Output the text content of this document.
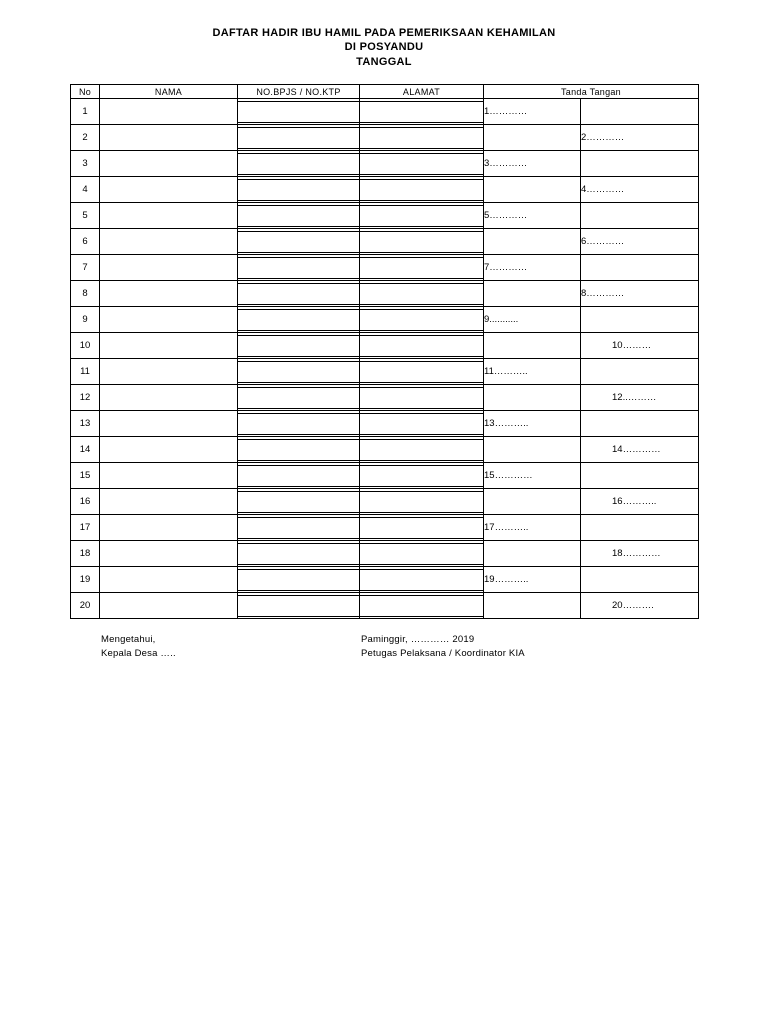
DAFTAR HADIR IBU HAMIL PADA PEMERIKSAAN KEHAMILAN
DI POSYANDU
TANGGAL
No	NAMA	NO.BPJS / NO.KTP	ALAMAT	Tanda Tangan	
1				1…………	
2					2…………
3				3…………	
4					4…………
5				5…………	
6					6…………
7				7…………	
8					8…………
9				9...........	
10					10………
11				11………..	
12					12..………
13				13………..	
14					14…………
15				15…………	
16					16………..
17				17………..	
18					18…………
19				19………..	
20					20……….
Mengetahui,
Kepala Desa …..
Paminggir, ………… 2019
Petugas Pelaksana / Koordinator KIA
